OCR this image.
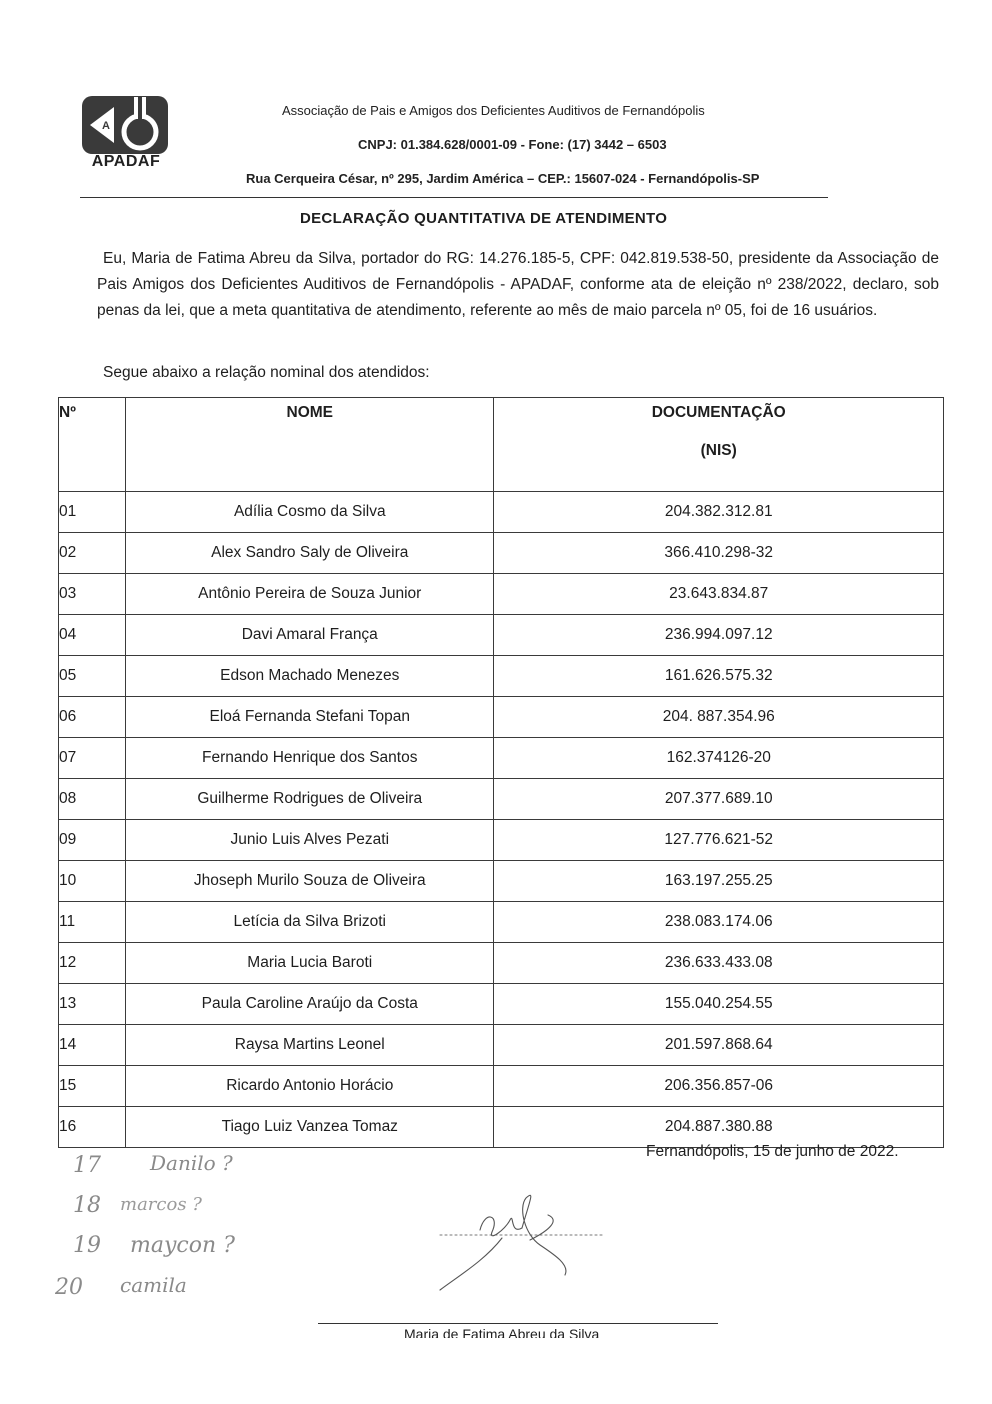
A
APADAF
Associação de Pais e Amigos dos Deficientes Auditivos de Fernandópolis
CNPJ: 01.384.628/0001-09 - Fone: (17) 3442 – 6503
Rua Cerqueira César, nº 295, Jardim América – CEP.: 15607-024 - Fernandópolis-SP
DECLARAÇÃO QUANTITATIVA DE ATENDIMENTO
Eu, Maria de Fatima Abreu da Silva, portador do RG: 14.276.185-5, CPF: 042.819.538-50, presidente da Associação de Pais Amigos dos Deficientes Auditivos de Fernandópolis - APADAF, conforme ata de eleição nº 238/2022, declaro, sob penas da lei, que a meta quantitativa de atendimento, referente ao mês de maio parcela nº 05, foi de 16 usuários.
Segue abaixo a relação nominal dos atendidos:
Nº	NOME	DOCUMENTAÇÃO
(NIS)

01	Adília Cosmo da Silva	204.382.312.81
02	Alex Sandro Saly de Oliveira	366.410.298-32
03	Antônio Pereira de Souza Junior	23.643.834.87
04	Davi Amaral França	236.994.097.12
05	Edson Machado Menezes	161.626.575.32
06	Eloá Fernanda Stefani Topan	204. 887.354.96
07	Fernando Henrique dos Santos	162.374126-20
08	Guilherme Rodrigues de Oliveira	207.377.689.10
09	Junio Luis Alves Pezati	127.776.621-52
10	Jhoseph Murilo Souza de Oliveira	163.197.255.25
11	Letícia da Silva Brizoti	238.083.174.06
12	Maria Lucia Baroti	236.633.433.08
13	Paula Caroline Araújo da Costa	155.040.254.55
14	Raysa Martins Leonel	201.597.868.64
15	Ricardo Antonio Horácio	206.356.857-06
16	Tiago Luiz Vanzea Tomaz	204.887.380.88
Fernandópolis, 15 de junho de 2022.
17 Danilo ?
18 marcos ?
19 maycon ?
20 camila
Maria de Fatima Abreu da Silva
